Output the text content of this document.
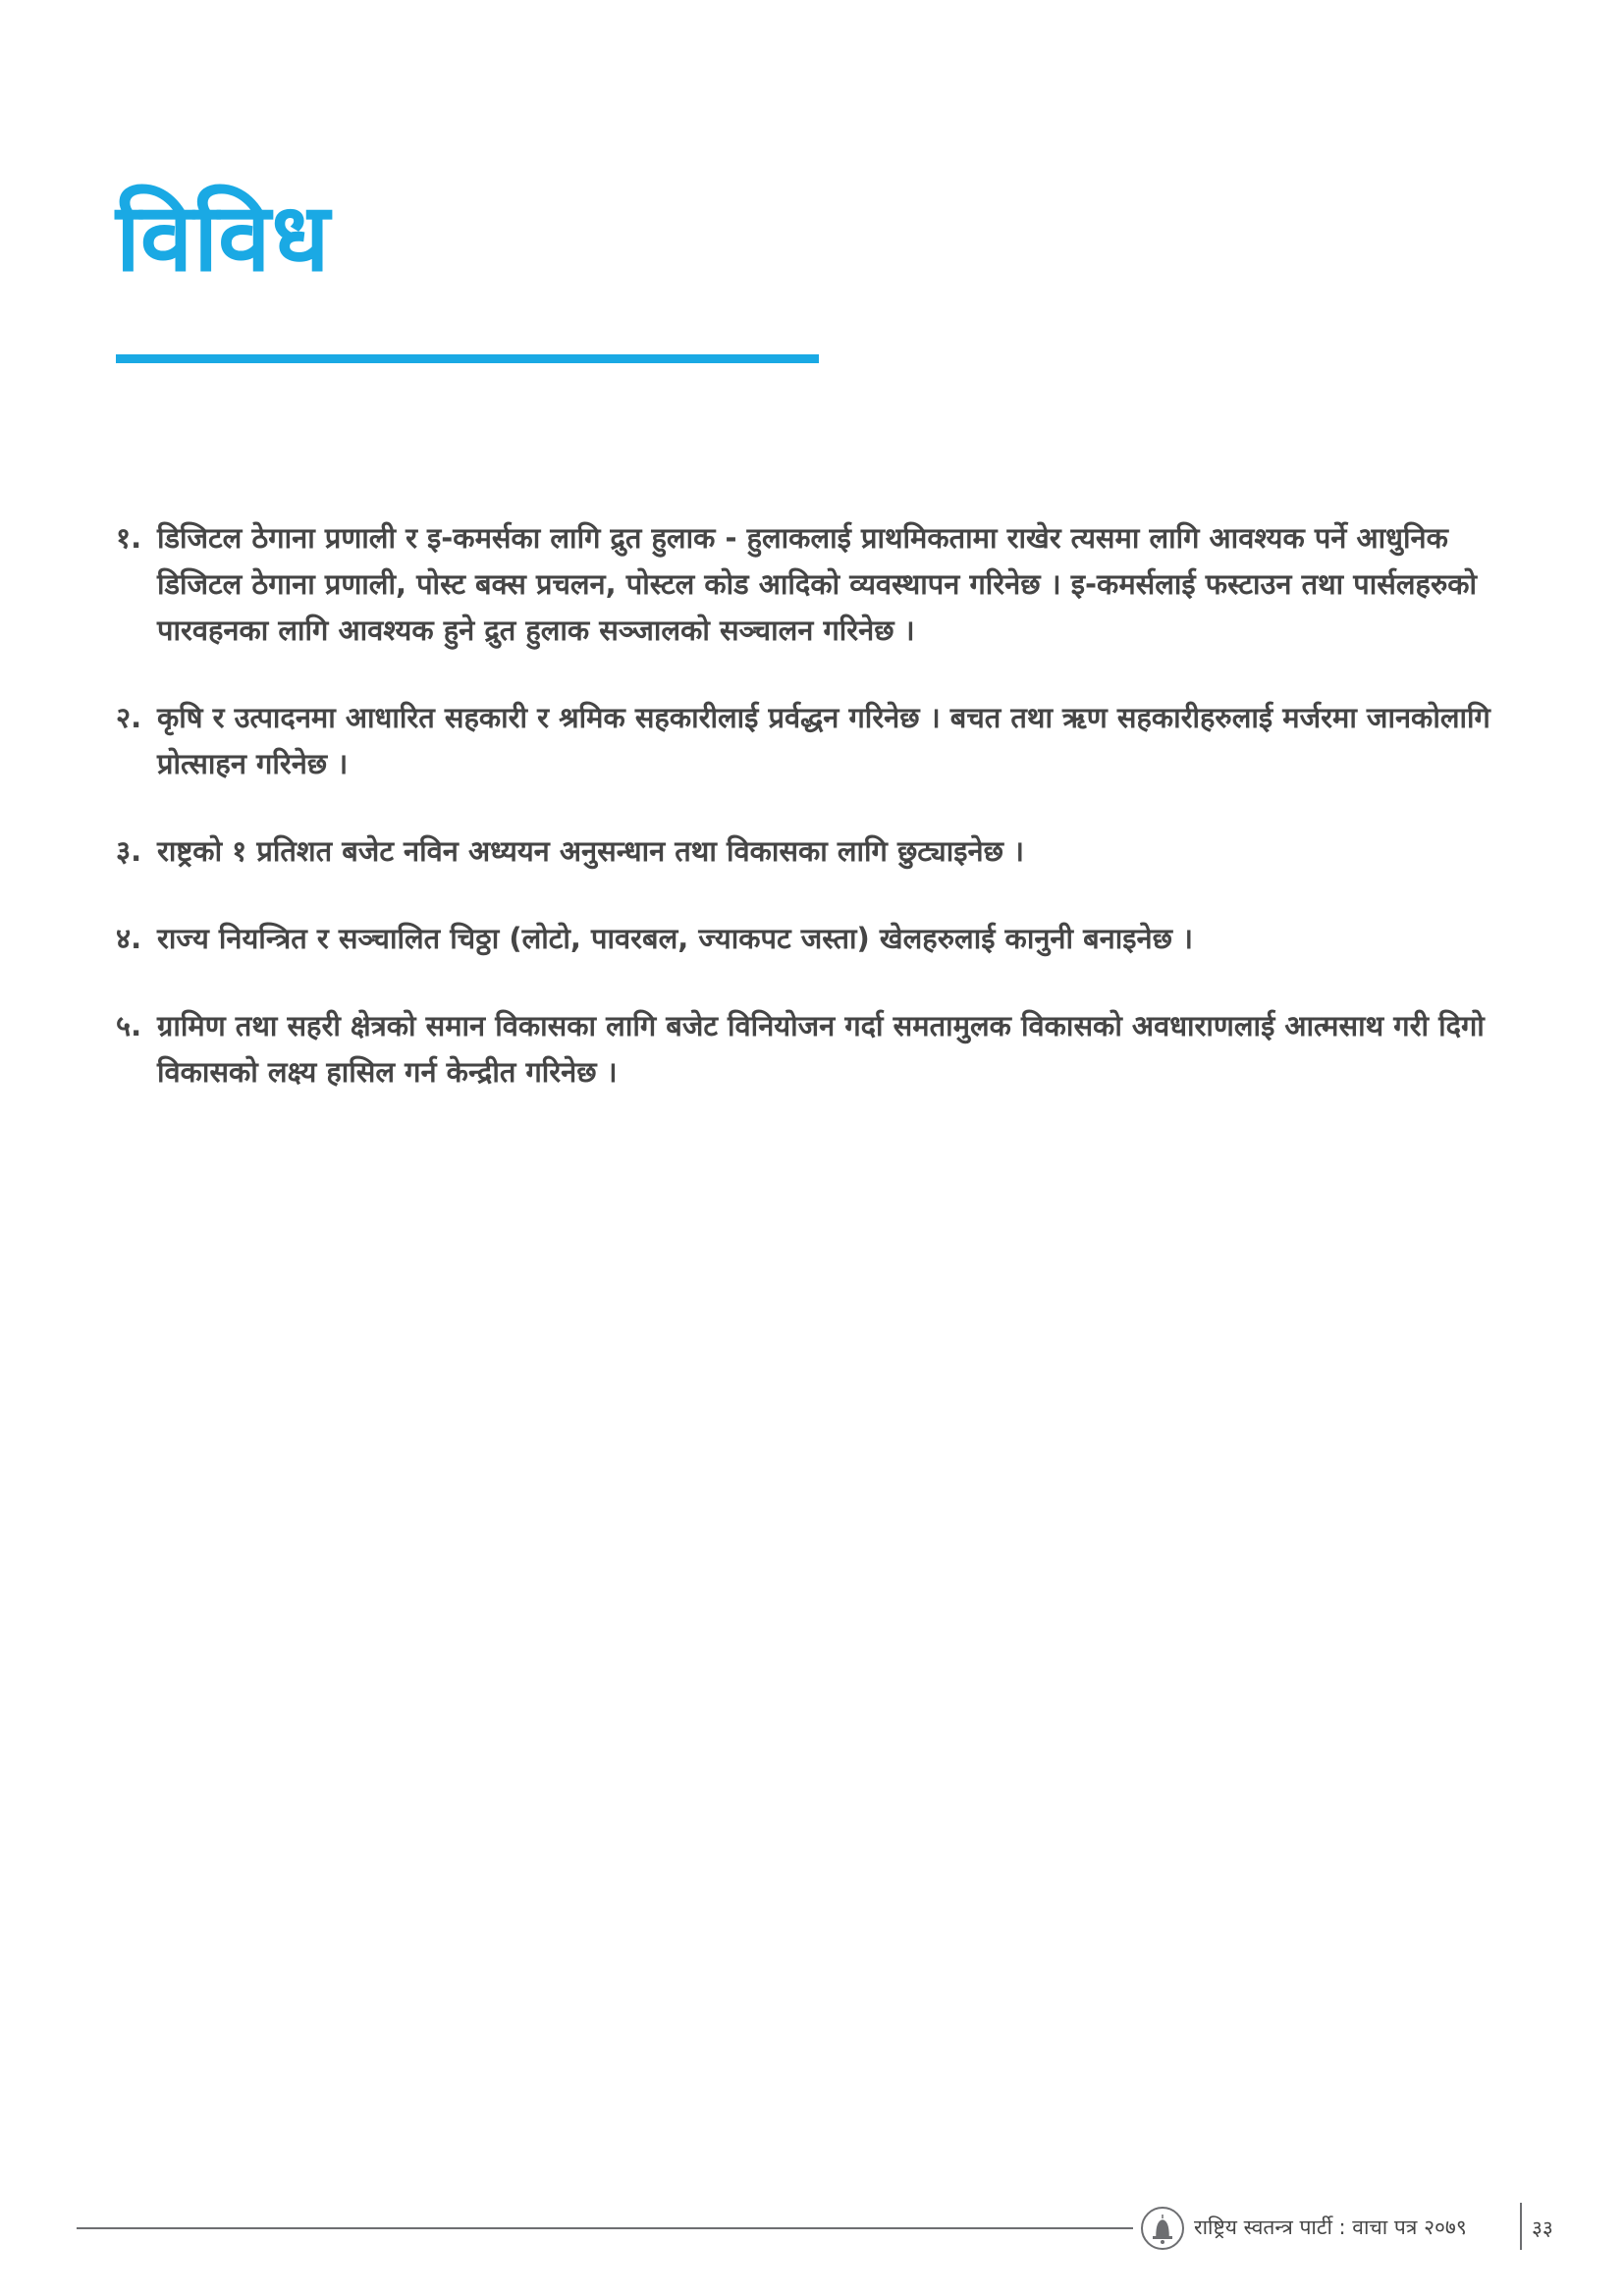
विविध
१. डिजिटल ठेगाना प्रणाली र इ-कमर्सका लागि द्रुत हुलाक - हुलाकलाई प्राथमिकतामा राखेर त्यसमा लागि आवश्यक पर्ने आधुनिक डिजिटल ठेगाना प्रणाली, पोस्ट बक्स प्रचलन, पोस्टल कोड आदिको व्यवस्थापन गरिनेछ । इ-कमर्सलाई फस्टाउन तथा पार्सलहरुको पारवहनका लागि आवश्यक हुने द्रुत हुलाक सञ्जालको सञ्चालन गरिनेछ ।
२. कृषि र उत्पादनमा आधारित सहकारी र श्रमिक सहकारीलाई प्रर्वद्धन गरिनेछ । बचत तथा ऋण सहकारीहरुलाई मर्जरमा जानकोलागि प्रोत्साहन गरिनेछ ।
३. राष्ट्रको १ प्रतिशत बजेट नविन अध्ययन अनुसन्धान तथा विकासका लागि छुट्याइनेछ ।
४. राज्य नियन्त्रित र सञ्चालित चिठ्ठा (लोटो, पावरबल, ज्याकपट जस्ता) खेलहरुलाई कानुनी बनाइनेछ ।
५. ग्रामिण तथा सहरी क्षेत्रको समान विकासका लागि बजेट विनियोजन गर्दा समतामुलक विकासको अवधाराणलाई आत्मसाथ गरी दिगो विकासको लक्ष्य हासिल गर्न केन्द्रीत गरिनेछ ।
राष्ट्रिय स्वतन्त्र पार्टी : वाचा पत्र २०७९	३३
